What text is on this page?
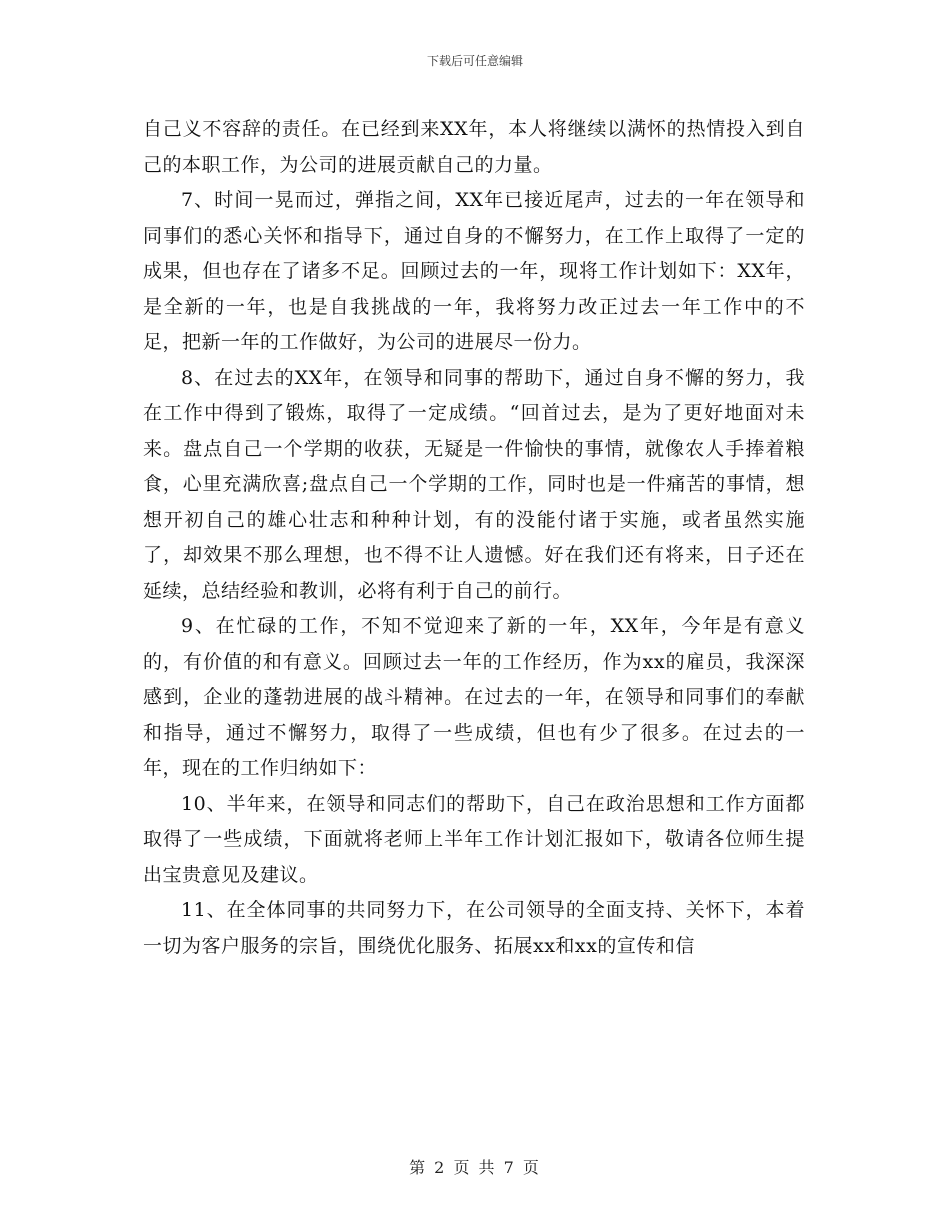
下载后可任意编辑

自己义不容辞的责任。在已经到来XX年，本人将继续以满怀的热情投入到自己的本职工作，为公司的进展贡献自己的力量。

7、时间一晃而过，弹指之间，XX年已接近尾声，过去的一年在领导和同事们的悉心关怀和指导下，通过自身的不懈努力，在工作上取得了一定的成果，但也存在了诸多不足。回顾过去的一年，现将工作计划如下：XX年，是全新的一年，也是自我挑战的一年，我将努力改正过去一年工作中的不足，把新一年的工作做好，为公司的进展尽一份力。

8、在过去的XX年，在领导和同事的帮助下，通过自身不懈的努力，我在工作中得到了锻炼，取得了一定成绩。“回首过去，是为了更好地面对未来。盘点自己一个学期的收获，无疑是一件愉快的事情，就像农人手捧着粮食，心里充满欣喜;盘点自己一个学期的工作，同时也是一件痛苦的事情，想想开初自己的雄心壮志和种种计划，有的没能付诸于实施，或者虽然实施了，却效果不那么理想，也不得不让人遗憾。好在我们还有将来，日子还在延续，总结经验和教训，必将有利于自己的前行。

9、在忙碌的工作，不知不觉迎来了新的一年，XX年，今年是有意义的，有价值的和有意义。回顾过去一年的工作经历，作为xx的雇员，我深深感到，企业的蓬勃进展的战斗精神。在过去的一年，在领导和同事们的奉献和指导，通过不懈努力，取得了一些成绩，但也有少了很多。在过去的一年，现在的工作归纳如下：

10、半年来，在领导和同志们的帮助下，自己在政治思想和工作方面都取得了一些成绩，下面就将老师上半年工作计划汇报如下，敬请各位师生提出宝贵意见及建议。

11、在全体同事的共同努力下，在公司领导的全面支持、关怀下，本着一切为客户服务的宗旨，围绕优化服务、拓展xx和xx的宣传和信

第 2 页 共 7 页
